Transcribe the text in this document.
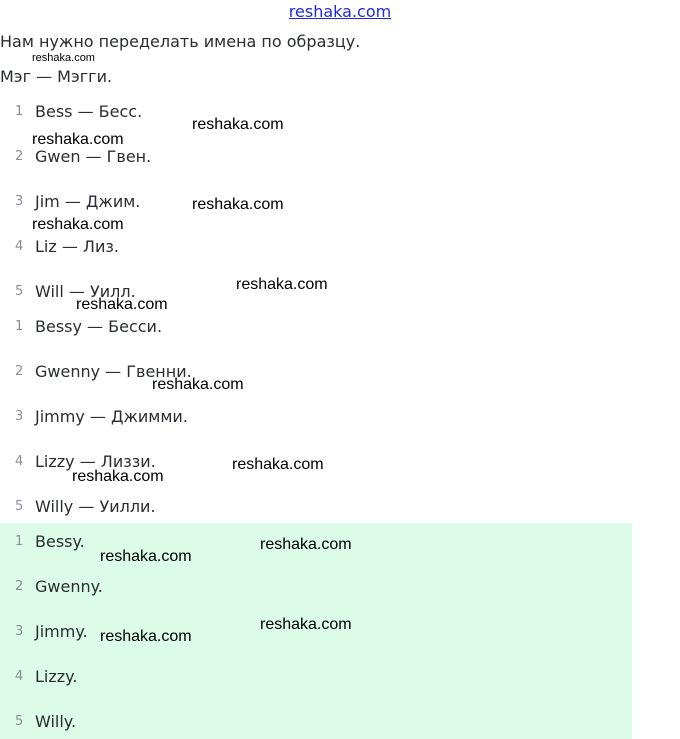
reshaka.com
Нам нужно переделать имена по образцу.
Мэг — Мэгги.
1 Bess — Бесс.
2 Gwen — Гвен.
3 Jim — Джим.
4 Liz — Лиз.
5 Will — Уилл.
1 Bessy — Бесси.
2 Gwenny — Гвенни.
3 Jimmy — Джимми.
4 Lizzy — Лиззи.
5 Willy — Уилли.
1 Bessy.
2 Gwenny.
3 Jimmy.
4 Lizzy.
5 Willy.
reshaka.com
reshaka.com
reshaka.com
reshaka.com
reshaka.com
reshaka.com
reshaka.com
reshaka.com
reshaka.com
reshaka.com
reshaka.com
reshaka.com
reshaka.com
reshaka.com
